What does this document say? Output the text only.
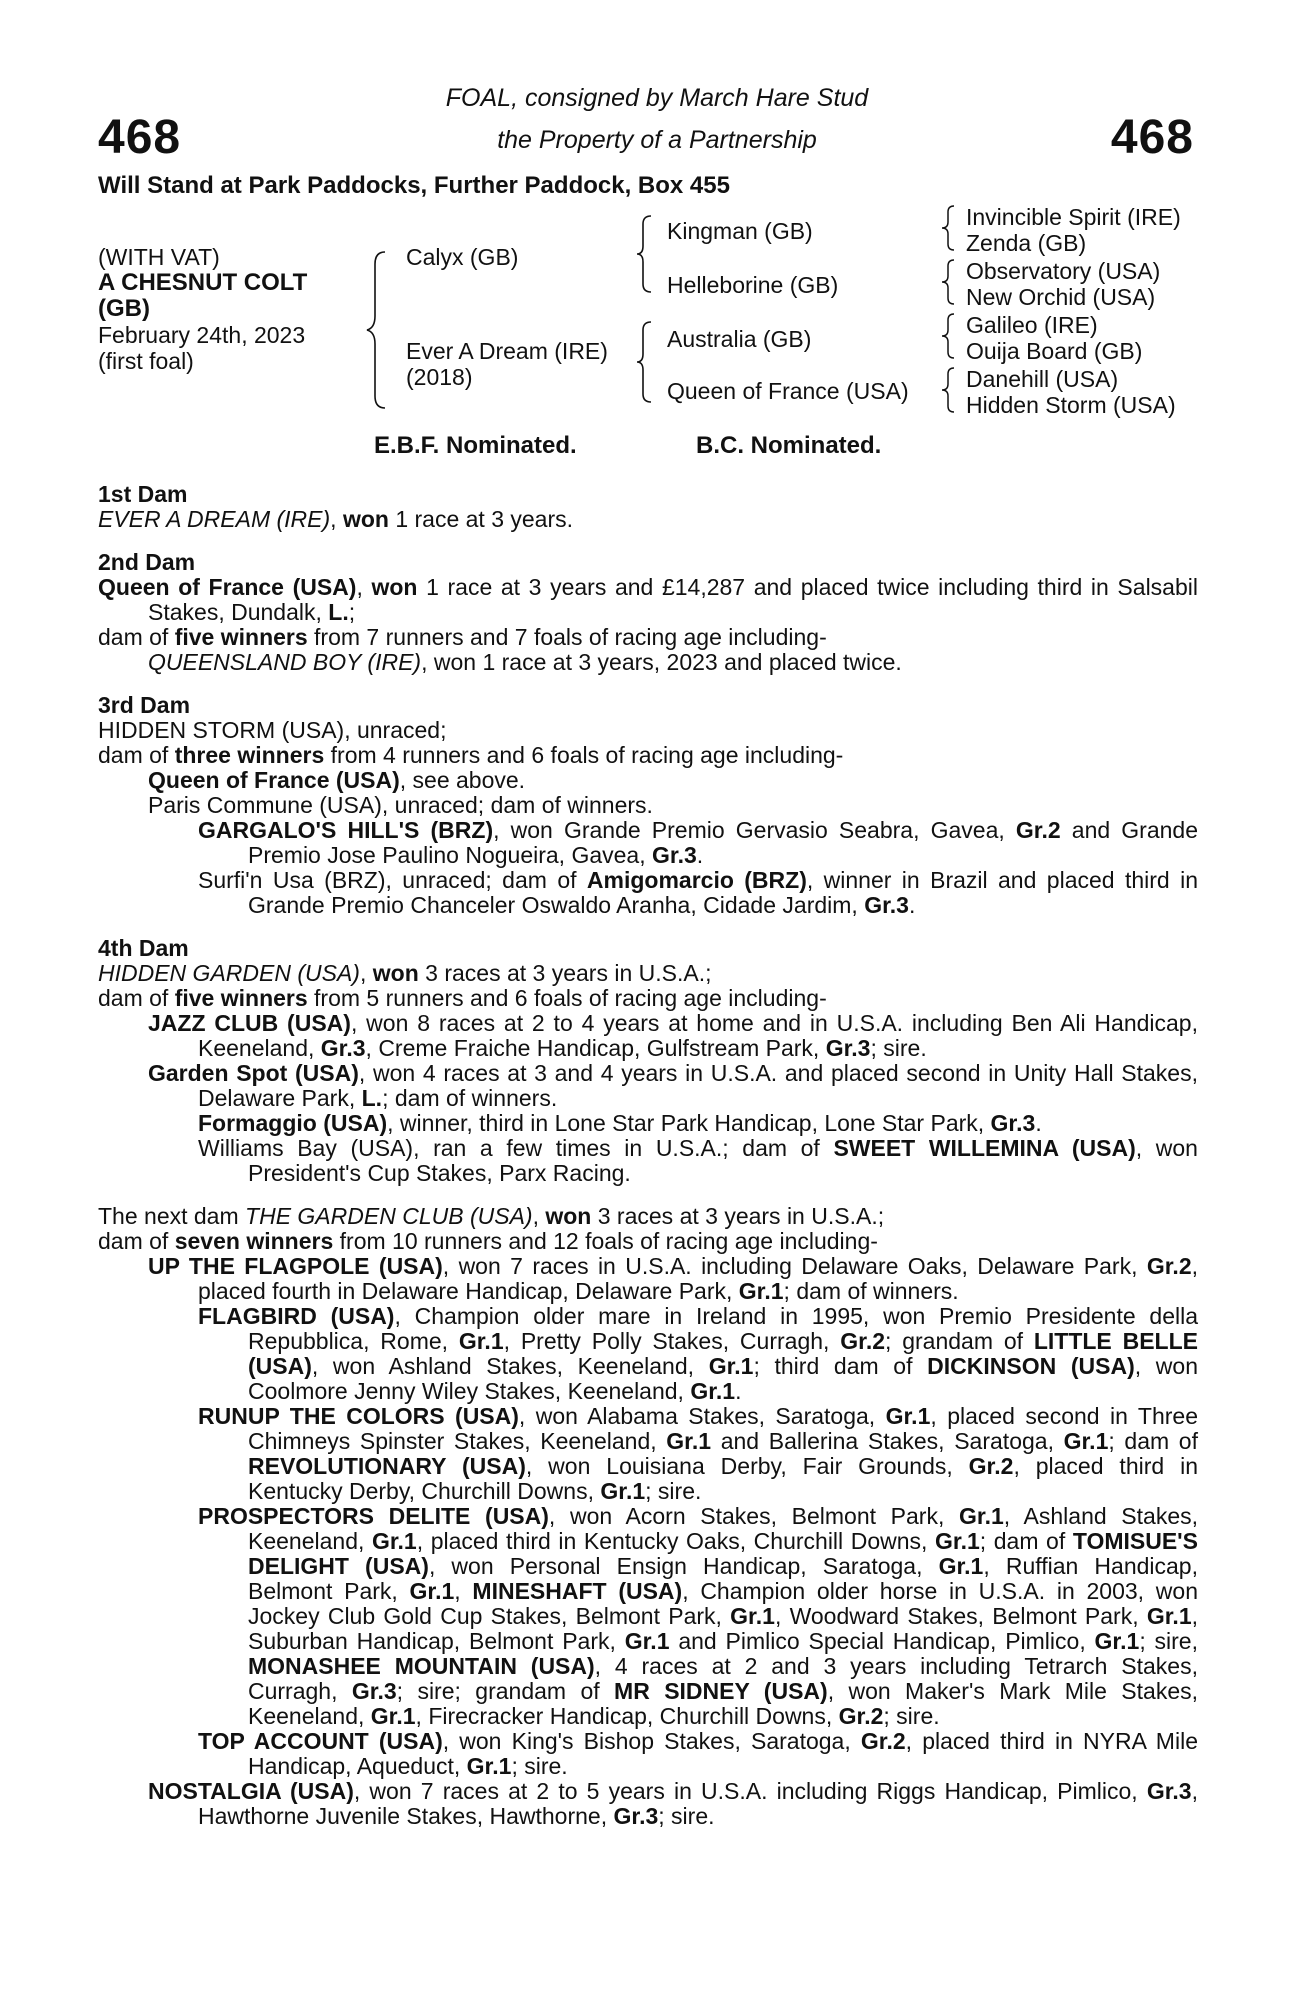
468	468
FOAL, consigned by March Hare Stud
the Property of a Partnership
Will Stand at Park Paddocks, Further Paddock, Box 455
(WITH VAT)
A CHESNUT COLT
(GB)
February 24th, 2023
(first foal)
Calyx (GB)
Ever A Dream (IRE)
(2018)
Kingman (GB)
Helleborine (GB)
Australia (GB)
Queen of France (USA)
Invincible Spirit (IRE)
Zenda (GB)
Observatory (USA)
New Orchid (USA)
Galileo (IRE)
Ouija Board (GB)
Danehill (USA)
Hidden Storm (USA)
E.B.F. Nominated.	B.C. Nominated.
1st Dam
EVER A DREAM (IRE), won 1 race at 3 years.
2nd Dam
Queen of France (USA), won 1 race at 3 years and £14,287 and placed twice including third in Salsabil Stakes, Dundalk, L.;
dam of five winners from 7 runners and 7 foals of racing age including-
QUEENSLAND BOY (IRE), won 1 race at 3 years, 2023 and placed twice.
3rd Dam
HIDDEN STORM (USA), unraced;
dam of three winners from 4 runners and 6 foals of racing age including-
Queen of France (USA), see above.
Paris Commune (USA), unraced; dam of winners.
GARGALO'S HILL'S (BRZ), won Grande Premio Gervasio Seabra, Gavea, Gr.2 and Grande Premio Jose Paulino Nogueira, Gavea, Gr.3.
Surfi'n Usa (BRZ), unraced; dam of Amigomarcio (BRZ), winner in Brazil and placed third in Grande Premio Chanceler Oswaldo Aranha, Cidade Jardim, Gr.3.
4th Dam
HIDDEN GARDEN (USA), won 3 races at 3 years in U.S.A.;
dam of five winners from 5 runners and 6 foals of racing age including-
JAZZ CLUB (USA), won 8 races at 2 to 4 years at home and in U.S.A. including Ben Ali Handicap, Keeneland, Gr.3, Creme Fraiche Handicap, Gulfstream Park, Gr.3; sire.
Garden Spot (USA), won 4 races at 3 and 4 years in U.S.A. and placed second in Unity Hall Stakes, Delaware Park, L.; dam of winners.
Formaggio (USA), winner, third in Lone Star Park Handicap, Lone Star Park, Gr.3.
Williams Bay (USA), ran a few times in U.S.A.; dam of SWEET WILLEMINA (USA), won President's Cup Stakes, Parx Racing.
The next dam THE GARDEN CLUB (USA), won 3 races at 3 years in U.S.A.;
dam of seven winners from 10 runners and 12 foals of racing age including-
UP THE FLAGPOLE (USA), won 7 races in U.S.A. including Delaware Oaks, Delaware Park, Gr.2, placed fourth in Delaware Handicap, Delaware Park, Gr.1; dam of winners.
FLAGBIRD (USA), Champion older mare in Ireland in 1995, won Premio Presidente della Repubblica, Rome, Gr.1, Pretty Polly Stakes, Curragh, Gr.2; grandam of LITTLE BELLE (USA), won Ashland Stakes, Keeneland, Gr.1; third dam of DICKINSON (USA), won Coolmore Jenny Wiley Stakes, Keeneland, Gr.1.
RUNUP THE COLORS (USA), won Alabama Stakes, Saratoga, Gr.1, placed second in Three Chimneys Spinster Stakes, Keeneland, Gr.1 and Ballerina Stakes, Saratoga, Gr.1; dam of REVOLUTIONARY (USA), won Louisiana Derby, Fair Grounds, Gr.2, placed third in Kentucky Derby, Churchill Downs, Gr.1; sire.
PROSPECTORS DELITE (USA), won Acorn Stakes, Belmont Park, Gr.1, Ashland Stakes, Keeneland, Gr.1, placed third in Kentucky Oaks, Churchill Downs, Gr.1; dam of TOMISUE'S DELIGHT (USA), won Personal Ensign Handicap, Saratoga, Gr.1, Ruffian Handicap, Belmont Park, Gr.1, MINESHAFT (USA), Champion older horse in U.S.A. in 2003, won Jockey Club Gold Cup Stakes, Belmont Park, Gr.1, Woodward Stakes, Belmont Park, Gr.1, Suburban Handicap, Belmont Park, Gr.1 and Pimlico Special Handicap, Pimlico, Gr.1; sire, MONASHEE MOUNTAIN (USA), 4 races at 2 and 3 years including Tetrarch Stakes, Curragh, Gr.3; sire; grandam of MR SIDNEY (USA), won Maker's Mark Mile Stakes, Keeneland, Gr.1, Firecracker Handicap, Churchill Downs, Gr.2; sire.
TOP ACCOUNT (USA), won King's Bishop Stakes, Saratoga, Gr.2, placed third in NYRA Mile Handicap, Aqueduct, Gr.1; sire.
NOSTALGIA (USA), won 7 races at 2 to 5 years in U.S.A. including Riggs Handicap, Pimlico, Gr.3, Hawthorne Juvenile Stakes, Hawthorne, Gr.3; sire.
